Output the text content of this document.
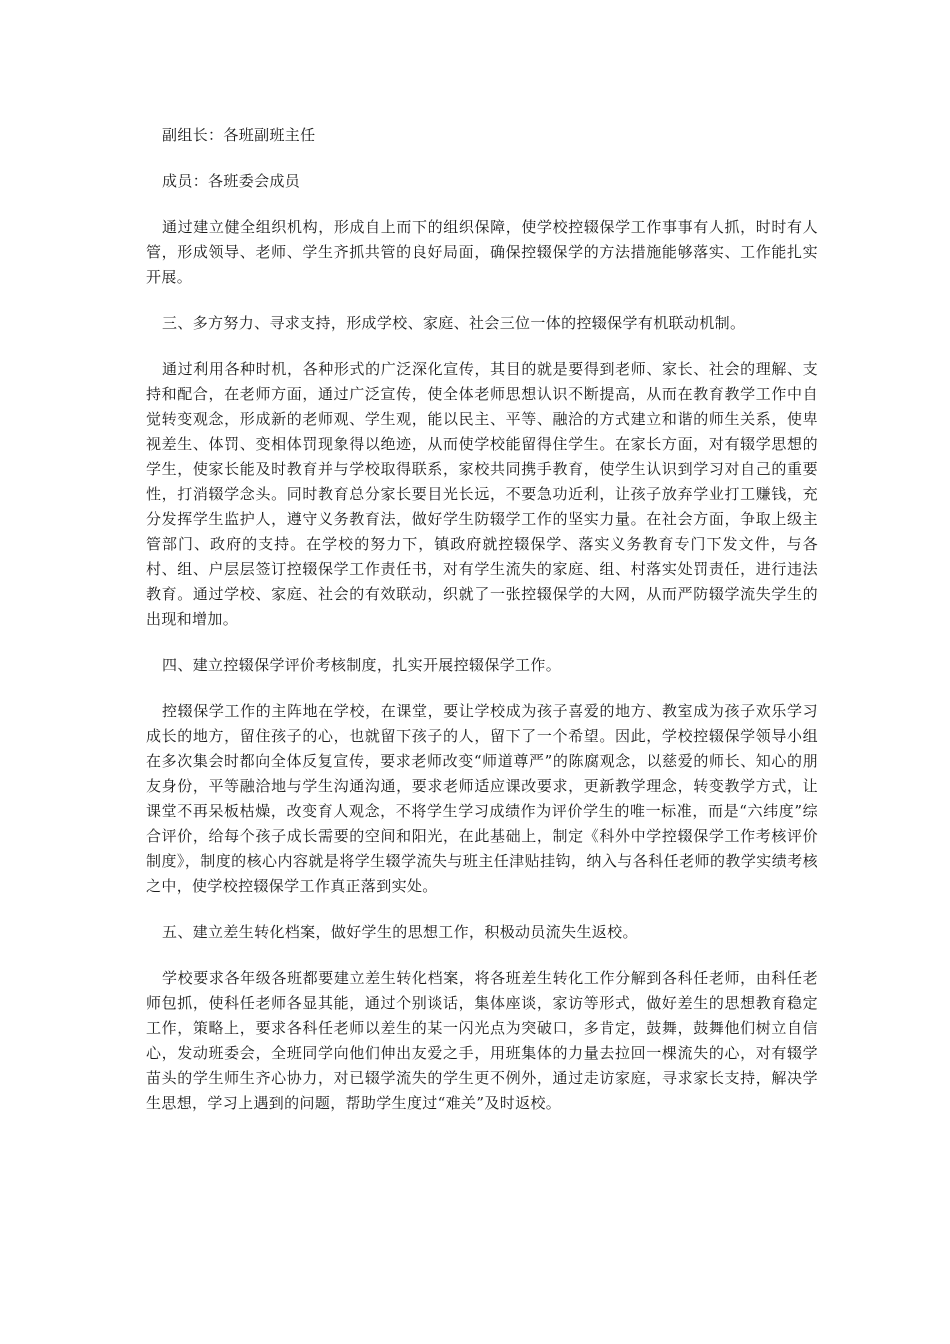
副组长：各班副班主任

成员：各班委会成员

通过建立健全组织机构，形成自上而下的组织保障，使学校控辍保学工作事事有人抓，时时有人管，形成领导、老师、学生齐抓共管的良好局面，确保控辍保学的方法措施能够落实、工作能扎实开展。

三、多方努力、寻求支持，形成学校、家庭、社会三位一体的控辍保学有机联动机制。

通过利用各种时机，各种形式的广泛深化宣传，其目的就是要得到老师、家长、社会的理解、支持和配合，在老师方面，通过广泛宣传，使全体老师思想认识不断提高，从而在教育教学工作中自觉转变观念，形成新的老师观、学生观，能以民主、平等、融洽的方式建立和谐的师生关系，使卑视差生、体罚、变相体罚现象得以绝迹，从而使学校能留得住学生。在家长方面，对有辍学思想的学生，使家长能及时教育并与学校取得联系，家校共同携手教育，使学生认识到学习对自己的重要性，打消辍学念头。同时教育总分家长要目光长远，不要急功近利，让孩子放弃学业打工赚钱，充分发挥学生监护人，遵守义务教育法，做好学生防辍学工作的坚实力量。在社会方面，争取上级主管部门、政府的支持。在学校的努力下，镇政府就控辍保学、落实义务教育专门下发文件，与各村、组、户层层签订控辍保学工作责任书，对有学生流失的家庭、组、村落实处罚责任，进行违法教育。通过学校、家庭、社会的有效联动，织就了一张控辍保学的大网，从而严防辍学流失学生的出现和增加。

四、建立控辍保学评价考核制度，扎实开展控辍保学工作。

控辍保学工作的主阵地在学校，在课堂，要让学校成为孩子喜爱的地方、教室成为孩子欢乐学习成长的地方，留住孩子的心，也就留下孩子的人，留下了一个希望。因此，学校控辍保学领导小组在多次集会时都向全体反复宣传，要求老师改变“师道尊严”的陈腐观念，以慈爱的师长、知心的朋友身份，平等融洽地与学生沟通沟通，要求老师适应课改要求，更新教学理念，转变教学方式，让课堂不再呆板枯燥，改变育人观念，不将学生学习成绩作为评价学生的唯一标准，而是“六纬度”综合评价，给每个孩子成长需要的空间和阳光，在此基础上，制定《科外中学控辍保学工作考核评价制度》，制度的核心内容就是将学生辍学流失与班主任津贴挂钩，纳入与各科任老师的教学实绩考核之中，使学校控辍保学工作真正落到实处。

五、建立差生转化档案，做好学生的思想工作，积极动员流失生返校。

学校要求各年级各班都要建立差生转化档案，将各班差生转化工作分解到各科任老师，由科任老师包抓，使科任老师各显其能，通过个别谈话，集体座谈，家访等形式，做好差生的思想教育稳定工作，策略上，要求各科任老师以差生的某一闪光点为突破口，多肯定，鼓舞，鼓舞他们树立自信心，发动班委会，全班同学向他们伸出友爱之手，用班集体的力量去拉回一棵流失的心，对有辍学苗头的学生师生齐心协力，对已辍学流失的学生更不例外，通过走访家庭，寻求家长支持，解决学生思想，学习上遇到的问题，帮助学生度过“难关”及时返校。
